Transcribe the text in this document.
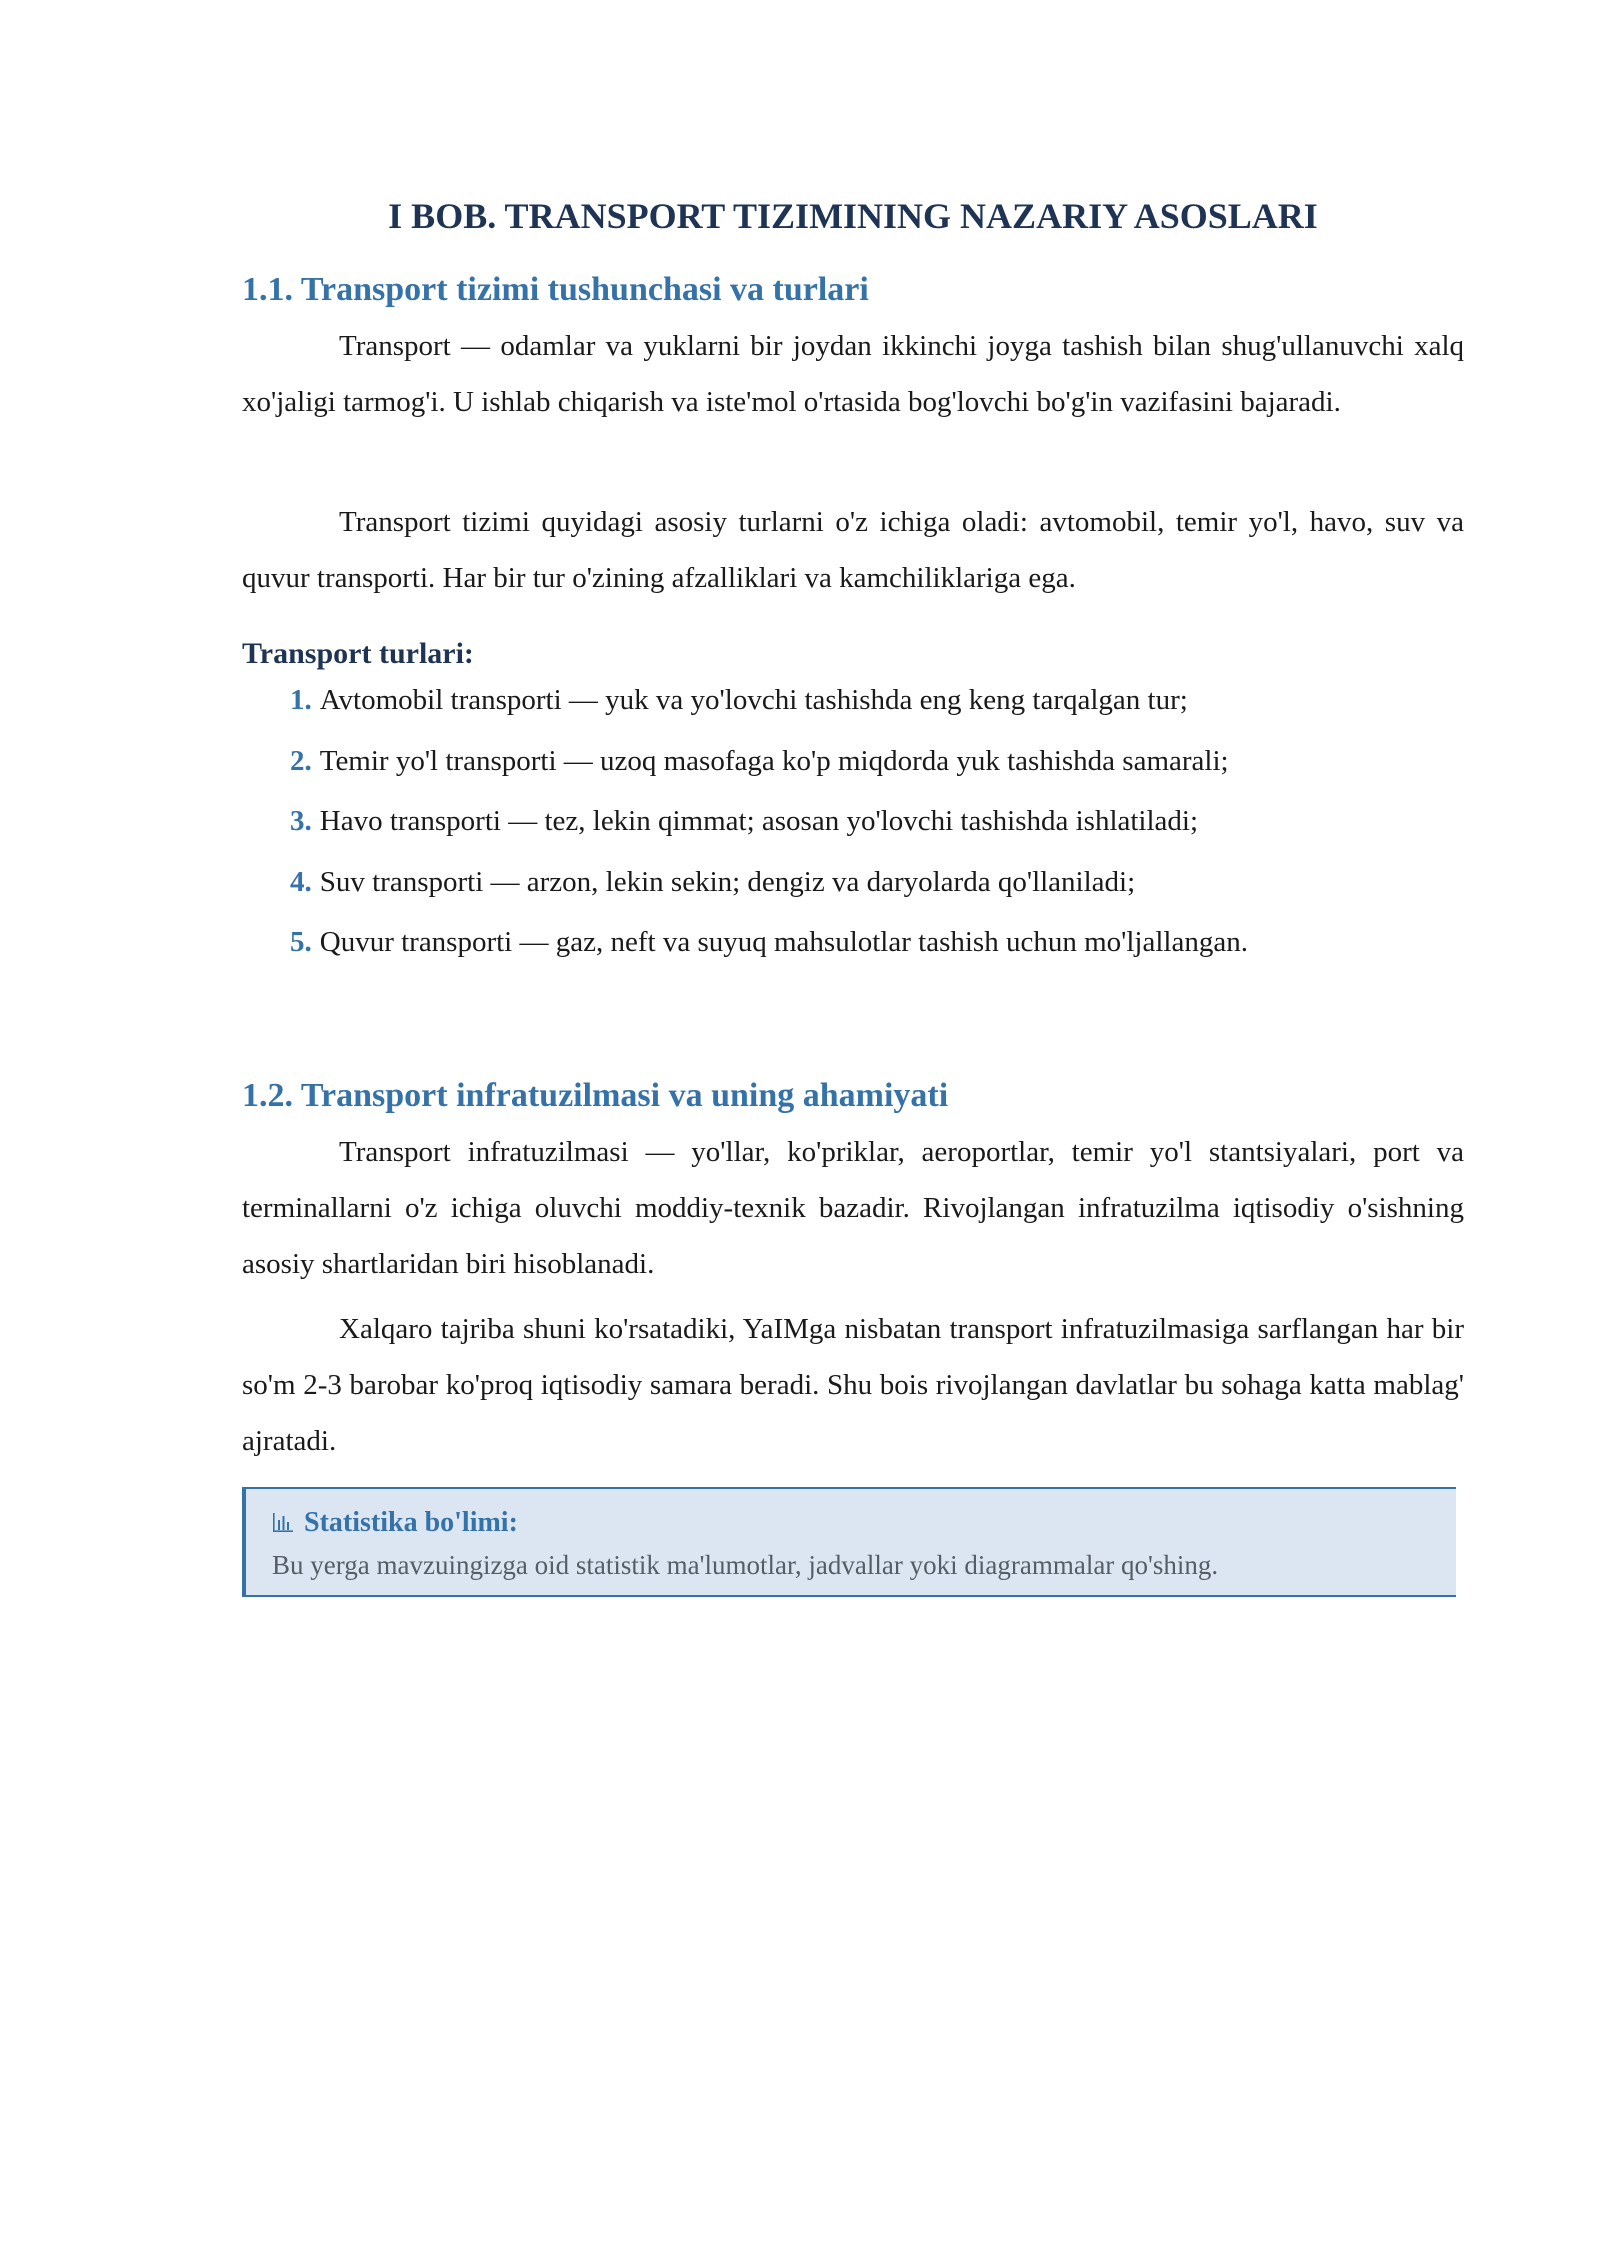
I BOB. TRANSPORT TIZIMINING NAZARIY ASOSLARI
1.1. Transport tizimi tushunchasi va turlari

Transport — odamlar va yuklarni bir joydan ikkinchi joyga tashish bilan shug'ullanuvchi xalq xo'jaligi tarmog'i. U ishlab chiqarish va iste'mol o'rtasida bog'lovchi bo'g'in vazifasini bajaradi.

Transport tizimi quyidagi asosiy turlarni o'z ichiga oladi: avtomobil, temir yo'l, havo, suv va quvur transporti. Har bir tur o'zining afzalliklari va kamchiliklariga ega.

Transport turlari:
1. Avtomobil transporti — yuk va yo'lovchi tashishda eng keng tarqalgan tur;
2. Temir yo'l transporti — uzoq masofaga ko'p miqdorda yuk tashishda samarali;
3. Havo transporti — tez, lekin qimmat; asosan yo'lovchi tashishda ishlatiladi;
4. Suv transporti — arzon, lekin sekin; dengiz va daryolarda qo'llaniladi;
5. Quvur transporti — gaz, neft va suyuq mahsulotlar tashish uchun mo'ljallangan.
1.2. Transport infratuzilmasi va uning ahamiyati

Transport infratuzilmasi — yo'llar, ko'priklar, aeroportlar, temir yo'l stantsiyalari, port va terminallarni o'z ichiga oluvchi moddiy-texnik bazadir. Rivojlangan infratuzilma iqtisodiy o'sishning asosiy shartlaridan biri hisoblanadi.

Xalqaro tajriba shuni ko'rsatadiki, YaIMga nisbatan transport infratuzilmasiga sarflangan har bir so'm 2-3 barobar ko'proq iqtisodiy samara beradi. Shu bois rivojlangan davlatlar bu sohaga katta mablag' ajratadi.

Statistika bo'limi:
Bu yerga mavzuingizga oid statistik ma'lumotlar, jadvallar yoki diagrammalar qo'shing.
